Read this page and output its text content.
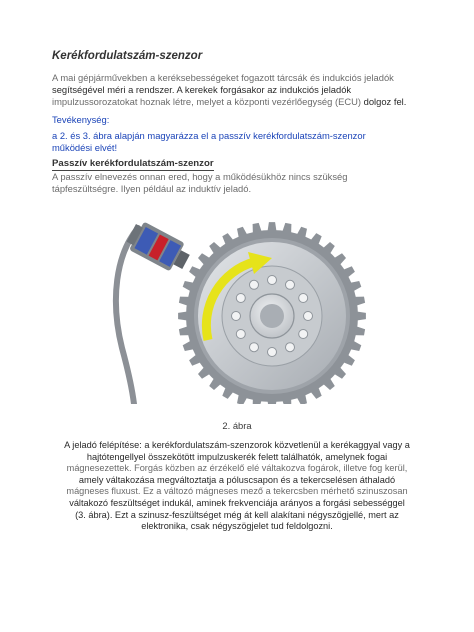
Kerékfordulatszám-szenzor

A mai gépjárművekben a keréksebességeket fogazott tárcsák és indukciós jeladók
segítségével méri a rendszer. A kerekek forgásakor az indukciós jeladók
impulzussorozatokat hoznak létre, melyet a központi vezérlőegység (ECU) dolgoz fel.

Tevékenység:

a 2. és 3. ábra alapján magyarázza el a passzív kerékfordulatszám-szenzor
működési elvét!

Passzív kerékfordulatszám-szenzor

A passzív elnevezés onnan ered, hogy a működésükhöz nincs szükség
tápfeszültségre. Ilyen például az induktív jeladó.

2. ábra

A jeladó felépítése: a kerékfordulatszám-szenzorok közvetlenül a kerékaggyal vagy a
hajtótengellyel összekötött impulzuskerék felett találhatók, amelynek fogai
mágnesezettek. Forgás közben az érzékelő elé váltakozva fogárok, illetve fog kerül,
amely váltakozása megváltoztatja a póluscsapon és a tekercselésen áthaladó
mágneses fluxust. Ez a változó mágneses mező a tekercsben mérhető szinuszosan
váltakozó feszültséget indukál, aminek frekvenciája arányos a forgási sebességgel
(3. ábra). Ezt a szinusz-feszültséget még át kell alakítani négyszögjellé, mert az
elektronika, csak négyszögjelet tud feldolgozni.
